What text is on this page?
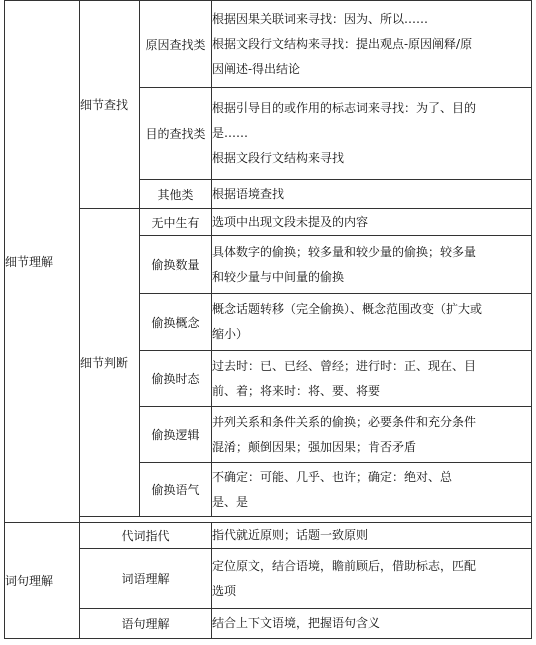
细节理解	细节查找	原因查找类	根据因果关联词来寻找：因为、所以……
根据文段行文结构来寻找：提出观点-原因阐释/原
因阐述-得出结论

		目的查找类	根据引导目的或作用的标志词来寻找：为了、目的
是……
根据文段行文结构来寻找

		其他类	根据语境查找

	细节判断	无中生有	选项中出现文段未提及的内容

		偷换数量	具体数字的偷换；较多量和较少量的偷换；较多量
和较少量与中间量的偷换

		偷换概念	概念话题转移（完全偷换）、概念范围改变（扩大或
缩小）

		偷换时态	过去时：已、已经、曾经；进行时：正、现在、目
前、着；将来时：将、要、将要

		偷换逻辑	并列关系和条件关系的偷换；必要条件和充分条件
混淆；颠倒因果；强加因果；肯否矛盾

		偷换语气	不确定：可能、几乎、也许；确定：绝对、总
是、是

词句理解	代词指代		指代就近原则；话题一致原则

	词语理解		定位原文，结合语境，瞻前顾后，借助标志，匹配
选项

	语句理解		结合上下文语境，把握语句含义
